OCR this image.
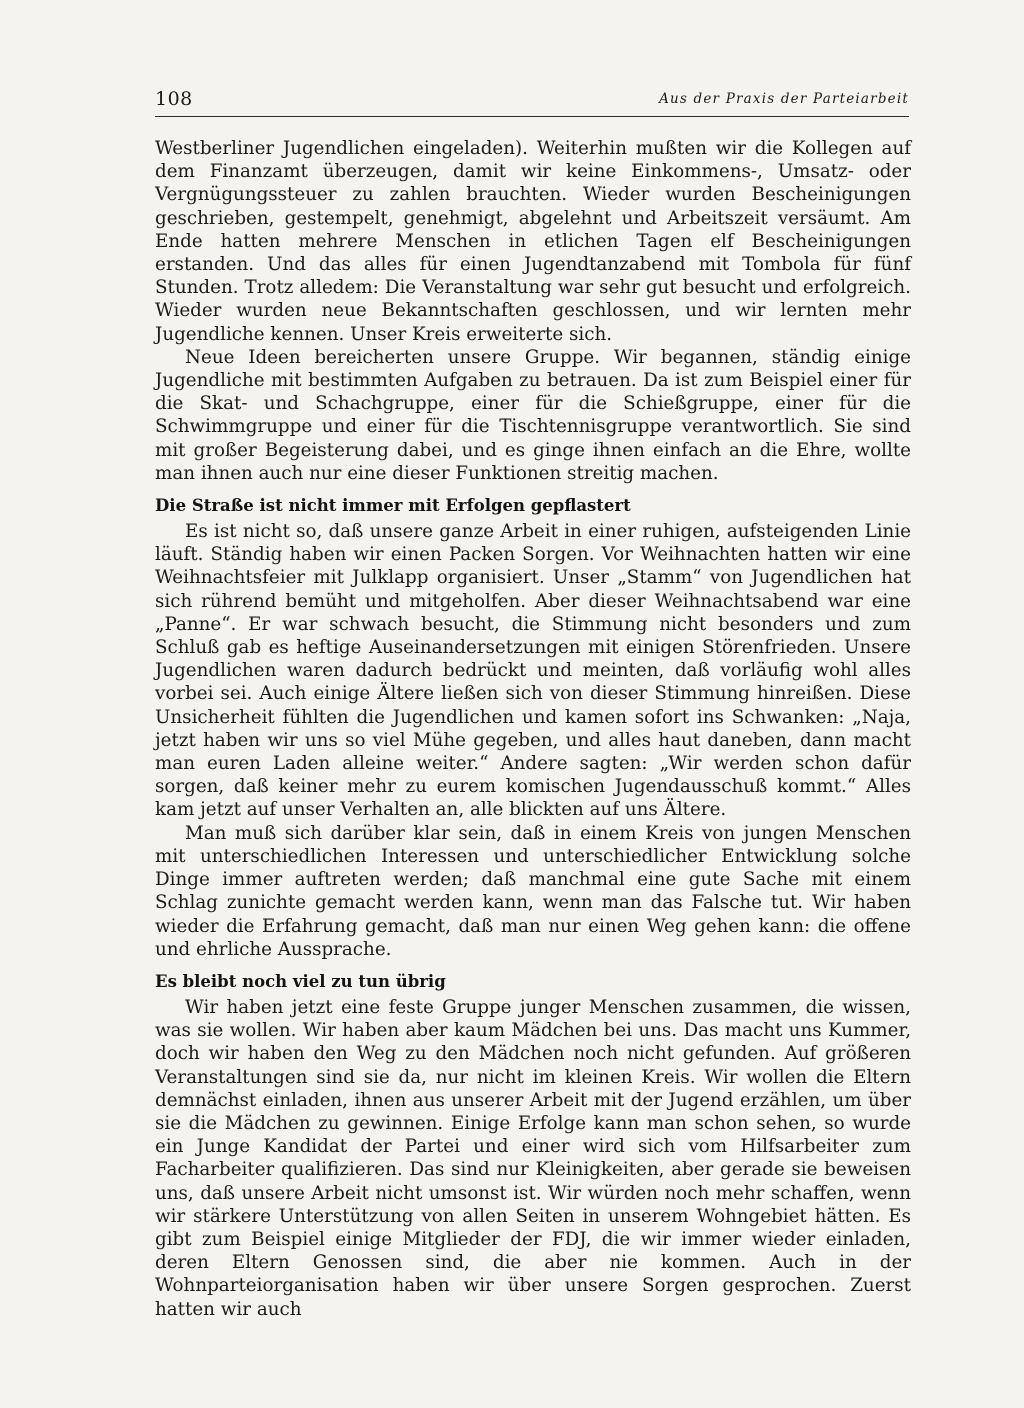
108	Aus der Praxis der Parteiarbeit

Westberliner Jugendlichen eingeladen). Weiterhin mußten wir die Kollegen auf dem Finanzamt überzeugen, damit wir keine Einkommens-, Umsatz- oder Vergnügungssteuer zu zahlen brauchten. Wieder wurden Bescheinigungen geschrieben, gestempelt, genehmigt, abgelehnt und Arbeitszeit versäumt. Am Ende hatten mehrere Menschen in etlichen Tagen elf Bescheinigungen erstanden. Und das alles für einen Jugendtanzabend mit Tombola für fünf Stunden. Trotz alledem: Die Veranstaltung war sehr gut besucht und erfolgreich. Wieder wurden neue Bekanntschaften geschlossen, und wir lernten mehr Jugendliche kennen. Unser Kreis erweiterte sich.

Neue Ideen bereicherten unsere Gruppe. Wir begannen, ständig einige Jugendliche mit bestimmten Aufgaben zu betrauen. Da ist zum Beispiel einer für die Skat- und Schachgruppe, einer für die Schießgruppe, einer für die Schwimmgruppe und einer für die Tischtennisgruppe verantwortlich. Sie sind mit großer Begeisterung dabei, und es ginge ihnen einfach an die Ehre, wollte man ihnen auch nur eine dieser Funktionen streitig machen.

Die Straße ist nicht immer mit Erfolgen gepflastert

Es ist nicht so, daß unsere ganze Arbeit in einer ruhigen, aufsteigenden Linie läuft. Ständig haben wir einen Packen Sorgen. Vor Weihnachten hatten wir eine Weihnachtsfeier mit Julklapp organisiert. Unser „Stamm“ von Jugendlichen hat sich rührend bemüht und mitgeholfen. Aber dieser Weihnachtsabend war eine „Panne“. Er war schwach besucht, die Stimmung nicht besonders und zum Schluß gab es heftige Auseinandersetzungen mit einigen Störenfrieden. Unsere Jugendlichen waren dadurch bedrückt und meinten, daß vorläufig wohl alles vorbei sei. Auch einige Ältere ließen sich von dieser Stimmung hinreißen. Diese Unsicherheit fühlten die Jugendlichen und kamen sofort ins Schwanken: „Naja, jetzt haben wir uns so viel Mühe gegeben, und alles haut daneben, dann macht man euren Laden alleine weiter.“ Andere sagten: „Wir werden schon dafür sorgen, daß keiner mehr zu eurem komischen Jugendausschuß kommt.“ Alles kam jetzt auf unser Verhalten an, alle blickten auf uns Ältere.

Man muß sich darüber klar sein, daß in einem Kreis von jungen Menschen mit unterschiedlichen Interessen und unterschiedlicher Entwicklung solche Dinge immer auftreten werden; daß manchmal eine gute Sache mit einem Schlag zunichte gemacht werden kann, wenn man das Falsche tut. Wir haben wieder die Erfahrung gemacht, daß man nur einen Weg gehen kann: die offene und ehrliche Aussprache.

Es bleibt noch viel zu tun übrig

Wir haben jetzt eine feste Gruppe junger Menschen zusammen, die wissen, was sie wollen. Wir haben aber kaum Mädchen bei uns. Das macht uns Kummer, doch wir haben den Weg zu den Mädchen noch nicht gefunden. Auf größeren Veranstaltungen sind sie da, nur nicht im kleinen Kreis. Wir wollen die Eltern demnächst einladen, ihnen aus unserer Arbeit mit der Jugend erzählen, um über sie die Mädchen zu gewinnen. Einige Erfolge kann man schon sehen, so wurde ein Junge Kandidat der Partei und einer wird sich vom Hilfsarbeiter zum Facharbeiter qualifizieren. Das sind nur Kleinigkeiten, aber gerade sie beweisen uns, daß unsere Arbeit nicht umsonst ist. Wir würden noch mehr schaffen, wenn wir stärkere Unterstützung von allen Seiten in unserem Wohngebiet hätten. Es gibt zum Beispiel einige Mitglieder der FDJ, die wir immer wieder einladen, deren Eltern Genossen sind, die aber nie kommen. Auch in der Wohnparteiorganisation haben wir über unsere Sorgen gesprochen. Zuerst hatten wir auch
